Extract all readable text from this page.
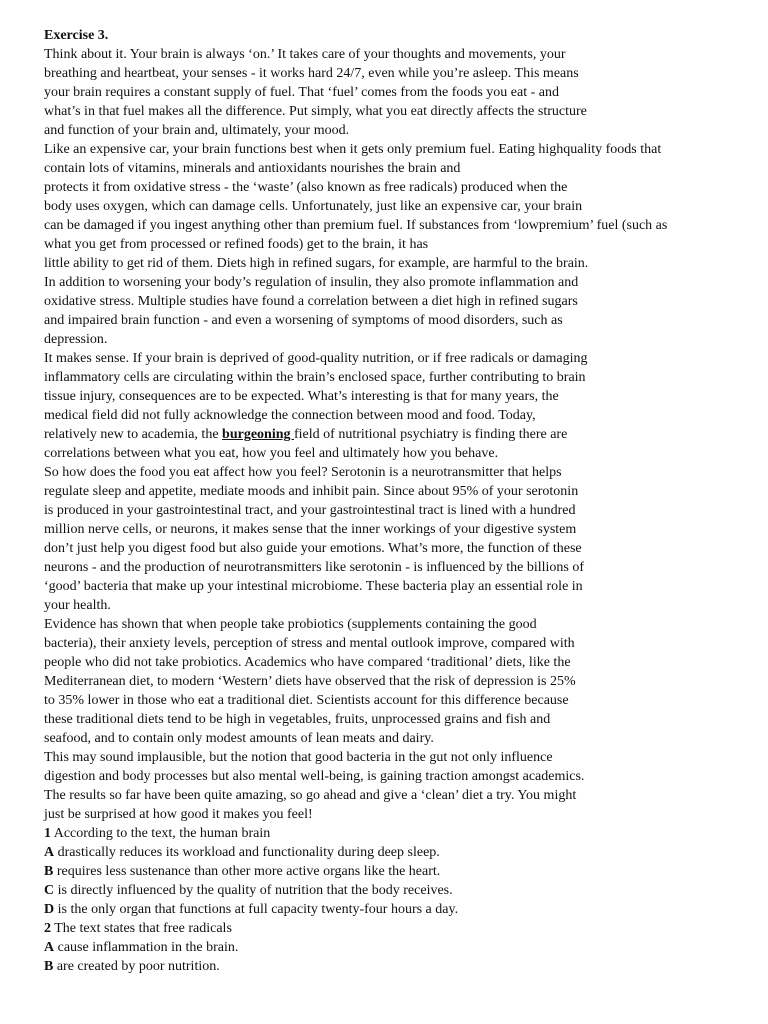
Exercise 3.
Think about it. Your brain is always ‘on.’ It takes care of your thoughts and movements, your
breathing and heartbeat, your senses - it works hard 24/7, even while you’re asleep. This means
your brain requires a constant supply of fuel. That ‘fuel’ comes from the foods you eat - and
what’s in that fuel makes all the difference. Put simply, what you eat directly affects the structure
and function of your brain and, ultimately, your mood.
Like an expensive car, your brain functions best when it gets only premium fuel. Eating highquality foods that
contain lots of vitamins, minerals and antioxidants nourishes the brain and
protects it from oxidative stress - the ‘waste’ (also known as free radicals) produced when the
body uses oxygen, which can damage cells. Unfortunately, just like an expensive car, your brain
can be damaged if you ingest anything other than premium fuel. If substances from ‘lowpremium’ fuel (such as
what you get from processed or refined foods) get to the brain, it has
little ability to get rid of them. Diets high in refined sugars, for example, are harmful to the brain.
In addition to worsening your body’s regulation of insulin, they also promote inflammation and
oxidative stress. Multiple studies have found a correlation between a diet high in refined sugars
and impaired brain function - and even a worsening of symptoms of mood disorders, such as
depression.
It makes sense. If your brain is deprived of good-quality nutrition, or if free radicals or damaging
inflammatory cells are circulating within the brain’s enclosed space, further contributing to brain
tissue injury, consequences are to be expected. What’s interesting is that for many years, the
medical field did not fully acknowledge the connection between mood and food. Today,
relatively new to academia, the burgeoning field of nutritional psychiatry is finding there are
correlations between what you eat, how you feel and ultimately how you behave.
So how does the food you eat affect how you feel? Serotonin is a neurotransmitter that helps
regulate sleep and appetite, mediate moods and inhibit pain. Since about 95% of your serotonin
is produced in your gastrointestinal tract, and your gastrointestinal tract is lined with a hundred
million nerve cells, or neurons, it makes sense that the inner workings of your digestive system
don’t just help you digest food but also guide your emotions. What’s more, the function of these
neurons - and the production of neurotransmitters like serotonin - is influenced by the billions of
‘good’ bacteria that make up your intestinal microbiome. These bacteria play an essential role in
your health.
Evidence has shown that when people take probiotics (supplements containing the good
bacteria), their anxiety levels, perception of stress and mental outlook improve, compared with
people who did not take probiotics. Academics who have compared ‘traditional’ diets, like the
Mediterranean diet, to modern ‘Western’ diets have observed that the risk of depression is 25%
to 35% lower in those who eat a traditional diet. Scientists account for this difference because
these traditional diets tend to be high in vegetables, fruits, unprocessed grains and fish and
seafood, and to contain only modest amounts of lean meats and dairy.
This may sound implausible, but the notion that good bacteria in the gut not only influence
digestion and body processes but also mental well-being, is gaining traction amongst academics.
The results so far have been quite amazing, so go ahead and give a ‘clean’ diet a try. You might
just be surprised at how good it makes you feel!
1 According to the text, the human brain
A drastically reduces its workload and functionality during deep sleep.
B requires less sustenance than other more active organs like the heart.
C is directly influenced by the quality of nutrition that the body receives.
D is the only organ that functions at full capacity twenty-four hours a day.
2 The text states that free radicals
A cause inflammation in the brain.
B are created by poor nutrition.
